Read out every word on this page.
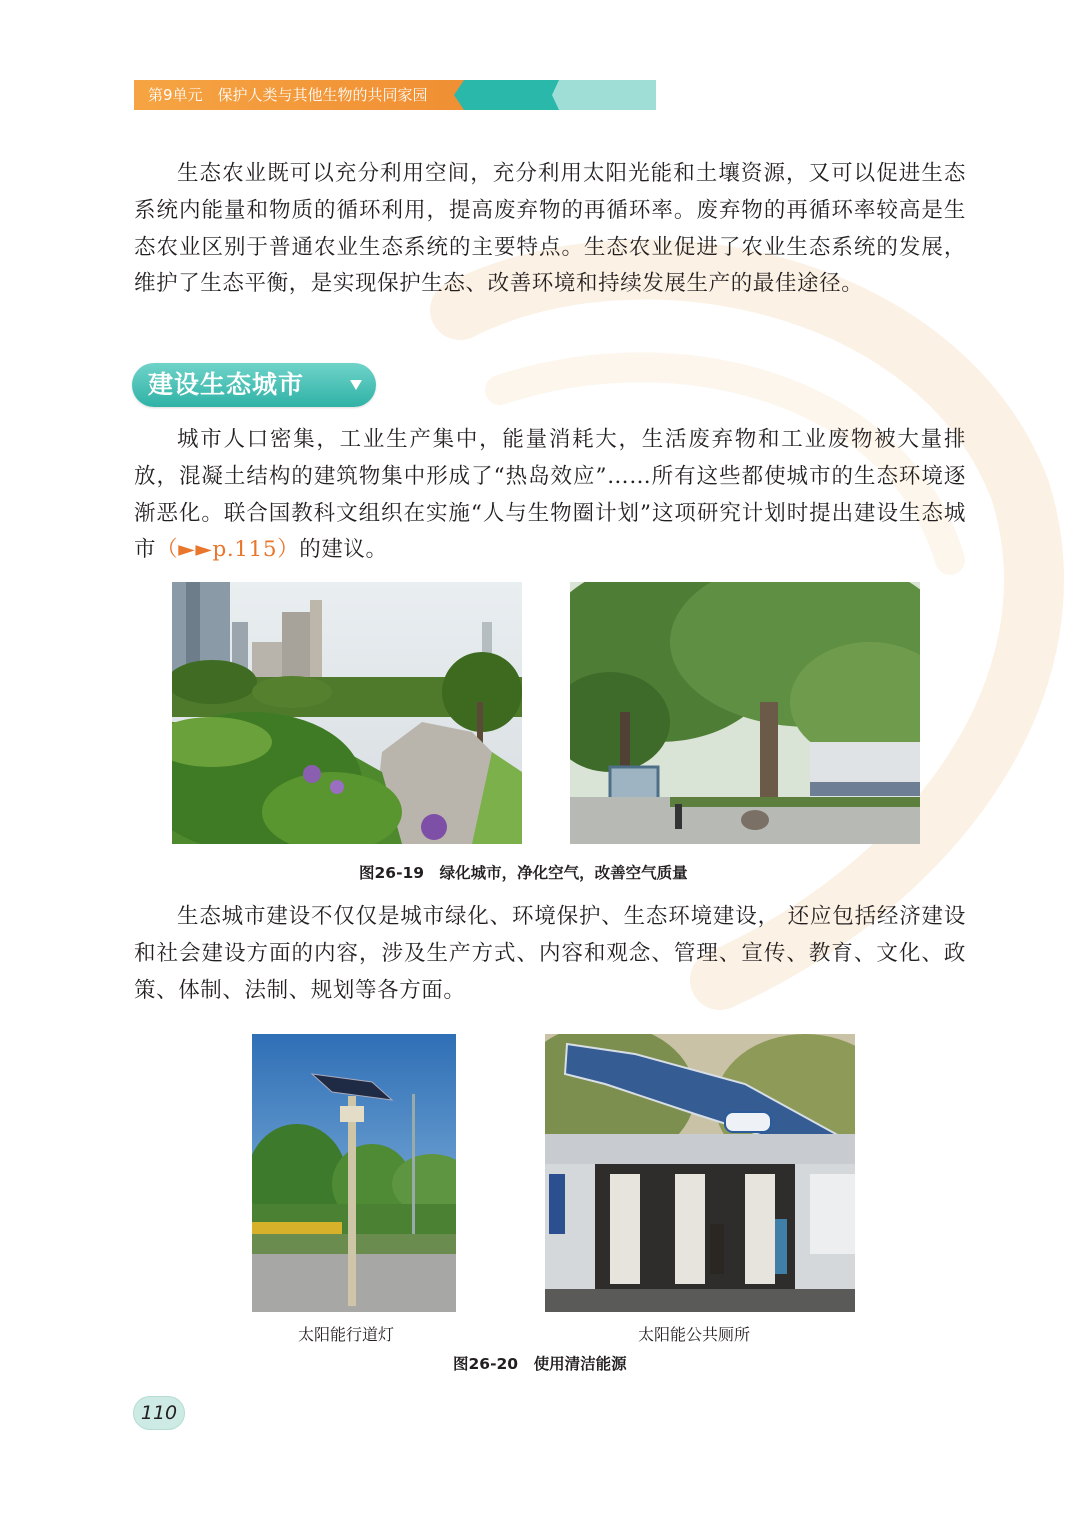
第9单元　保护人类与其他生物的共同家园

生态农业既可以充分利用空间，充分利用太阳光能和土壤资源，又可以促进生态系统内能量和物质的循环利用，提高废弃物的再循环率。废弃物的再循环率较高是生态农业区别于普通农业生态系统的主要特点。生态农业促进了农业生态系统的发展，维护了生态平衡，是实现保护生态、改善环境和持续发展生产的最佳途径。

建设生态城市

城市人口密集，工业生产集中，能量消耗大，生活废弃物和工业废物被大量排放，混凝土结构的建筑物集中形成了“热岛效应”……所有这些都使城市的生态环境逐渐恶化。联合国教科文组织在实施“人与生物圈计划”这项研究计划时提出建设生态城市（►►p.115）的建议。

图26-19　绿化城市，净化空气，改善空气质量

生态城市建设不仅仅是城市绿化、环境保护、生态环境建设， 还应包括经济建设和社会建设方面的内容，涉及生产方式、内容和观念、管理、宣传、教育、文化、政策、体制、法制、规划等各方面。

太阳能行道灯	太阳能公共厕所
图26-20　使用清洁能源
110
